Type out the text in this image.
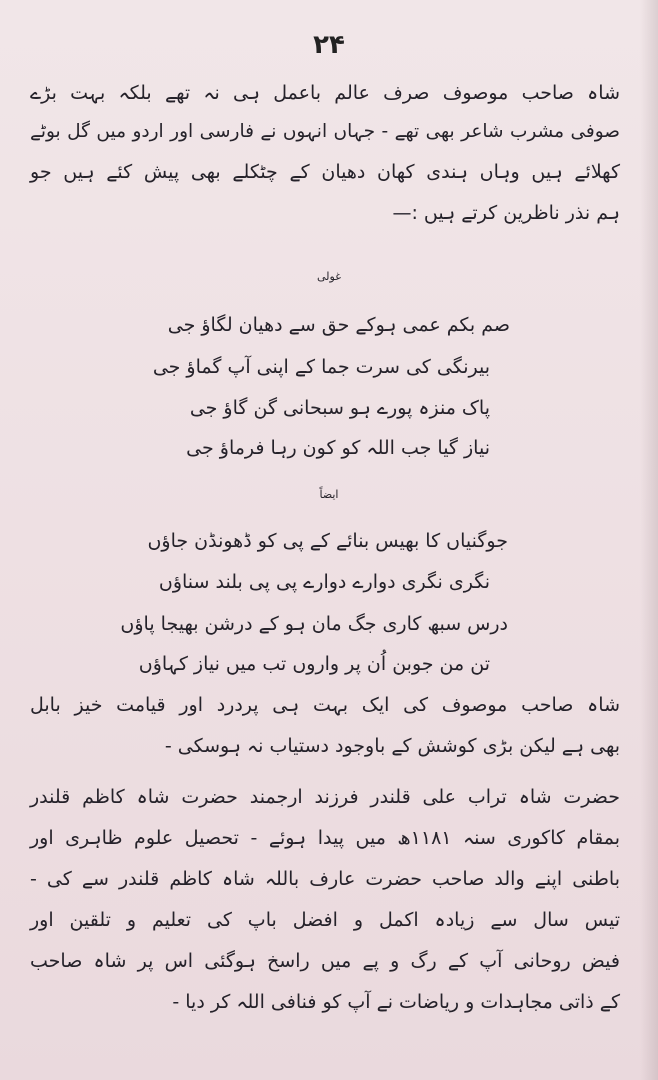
۲۴
شاہ صاحب موصوف صرف عالم باعمل ہی نہ تھے بلکہ بہت بڑے
صوفی مشرب شاعر بھی تھے - جہاں انہوں نے فارسی اور اردو میں گل بوٹے
کھلائے ہیں وہاں ہندی کھان دھیان کے چٹکلے بھی پیش کئے ہیں جو
ہم نذر ناظرین کرتے ہیں :—
غولی
صم بکم عمی ہوکے حق سے دھیان لگاؤ جی
بیرنگی کی سرت جما کے اپنی آپ گماؤ جی
پاک منزہ پورے ہو سبحانی گن گاؤ جی
نیاز گیا جب اللہ کو کون رہا فرماؤ جی
ایضاً
جوگنیاں کا بھیس بنائے کے پی کو ڈھونڈن جاؤں
نگری نگری دوارے دوارے پی پی بلند سناؤں
درس سبھ کاری جگ مان ہو کے درشن بھیجا پاؤں
تن من جوبن اُن پر واروں تب میں نیاز کہاؤں
شاہ صاحب موصوف کی ایک بہت ہی پردرد اور قیامت خیز بابل
بھی ہے لیکن بڑی کوشش کے باوجود دستیاب نہ ہوسکی -
حضرت شاہ تراب علی قلندر فرزند ارجمند حضرت شاہ کاظم قلندر
بمقام کاکوری سنہ ۱۱۸۱ھ میں پیدا ہوئے - تحصیل علوم ظاہری اور
باطنی اپنے والد صاحب حضرت عارف باللہ شاہ کاظم قلندر سے کی -
تیس سال سے زیادہ اکمل و افضل باپ کی تعلیم و تلقین اور
فیض روحانی آپ کے رگ و پے میں راسخ ہوگئی اس پر شاہ صاحب
کے ذاتی مجاہدات و ریاضات نے آپ کو فنافی اللہ کر دیا -
